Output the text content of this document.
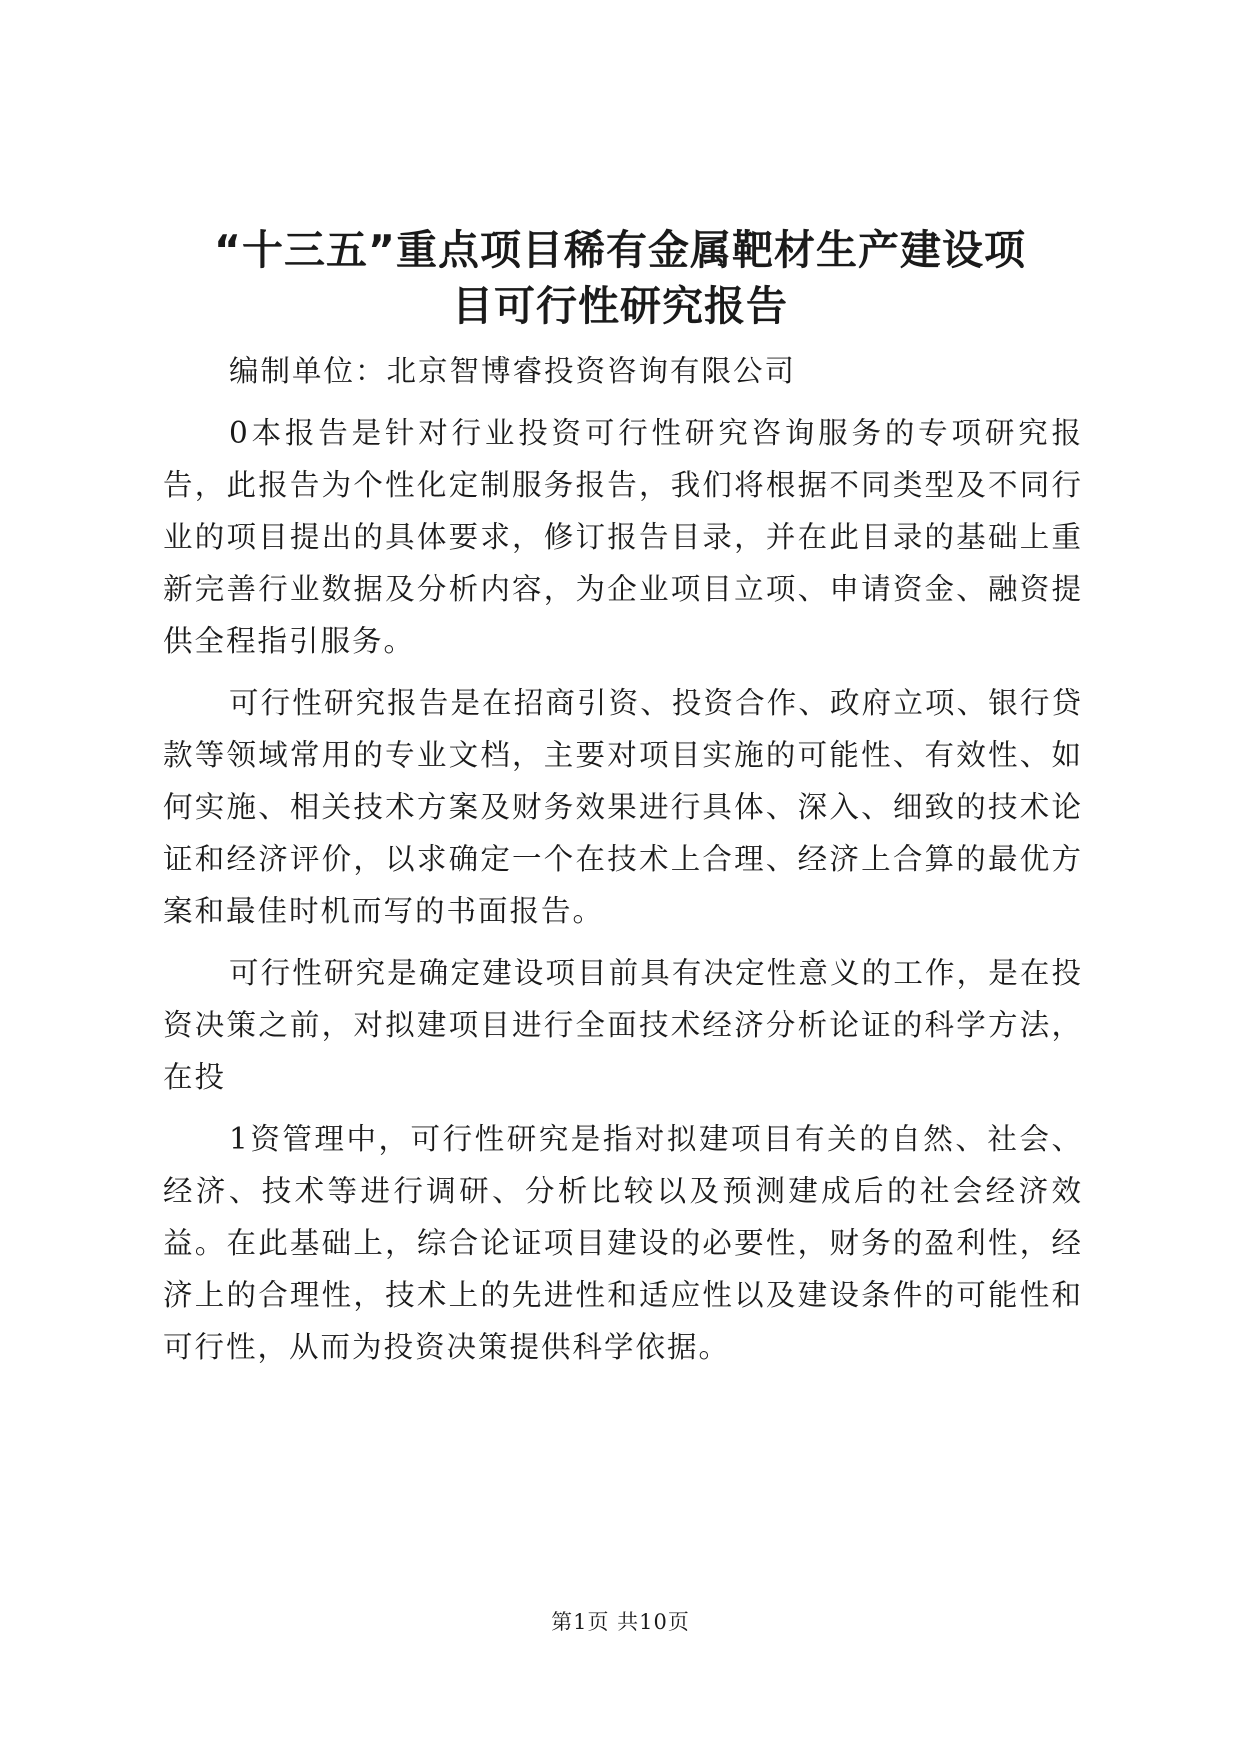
“十三五”重点项目稀有金属靶材生产建设项
目可行性研究报告

编制单位：北京智博睿投资咨询有限公司

0本报告是针对行业投资可行性研究咨询服务的专项研究报告，此报告为个性化定制服务报告，我们将根据不同类型及不同行业的项目提出的具体要求，修订报告目录，并在此目录的基础上重新完善行业数据及分析内容，为企业项目立项、申请资金、融资提供全程指引服务。

可行性研究报告是在招商引资、投资合作、政府立项、银行贷款等领域常用的专业文档，主要对项目实施的可能性、有效性、如何实施、相关技术方案及财务效果进行具体、深入、细致的技术论证和经济评价，以求确定一个在技术上合理、经济上合算的最优方案和最佳时机而写的书面报告。

可行性研究是确定建设项目前具有决定性意义的工作，是在投资决策之前，对拟建项目进行全面技术经济分析论证的科学方法，在投

1资管理中，可行性研究是指对拟建项目有关的自然、社会、经济、技术等进行调研、分析比较以及预测建成后的社会经济效益。在此基础上，综合论证项目建设的必要性，财务的盈利性，经济上的合理性，技术上的先进性和适应性以及建设条件的可能性和可行性，从而为投资决策提供科学依据。

第1页 共10页
